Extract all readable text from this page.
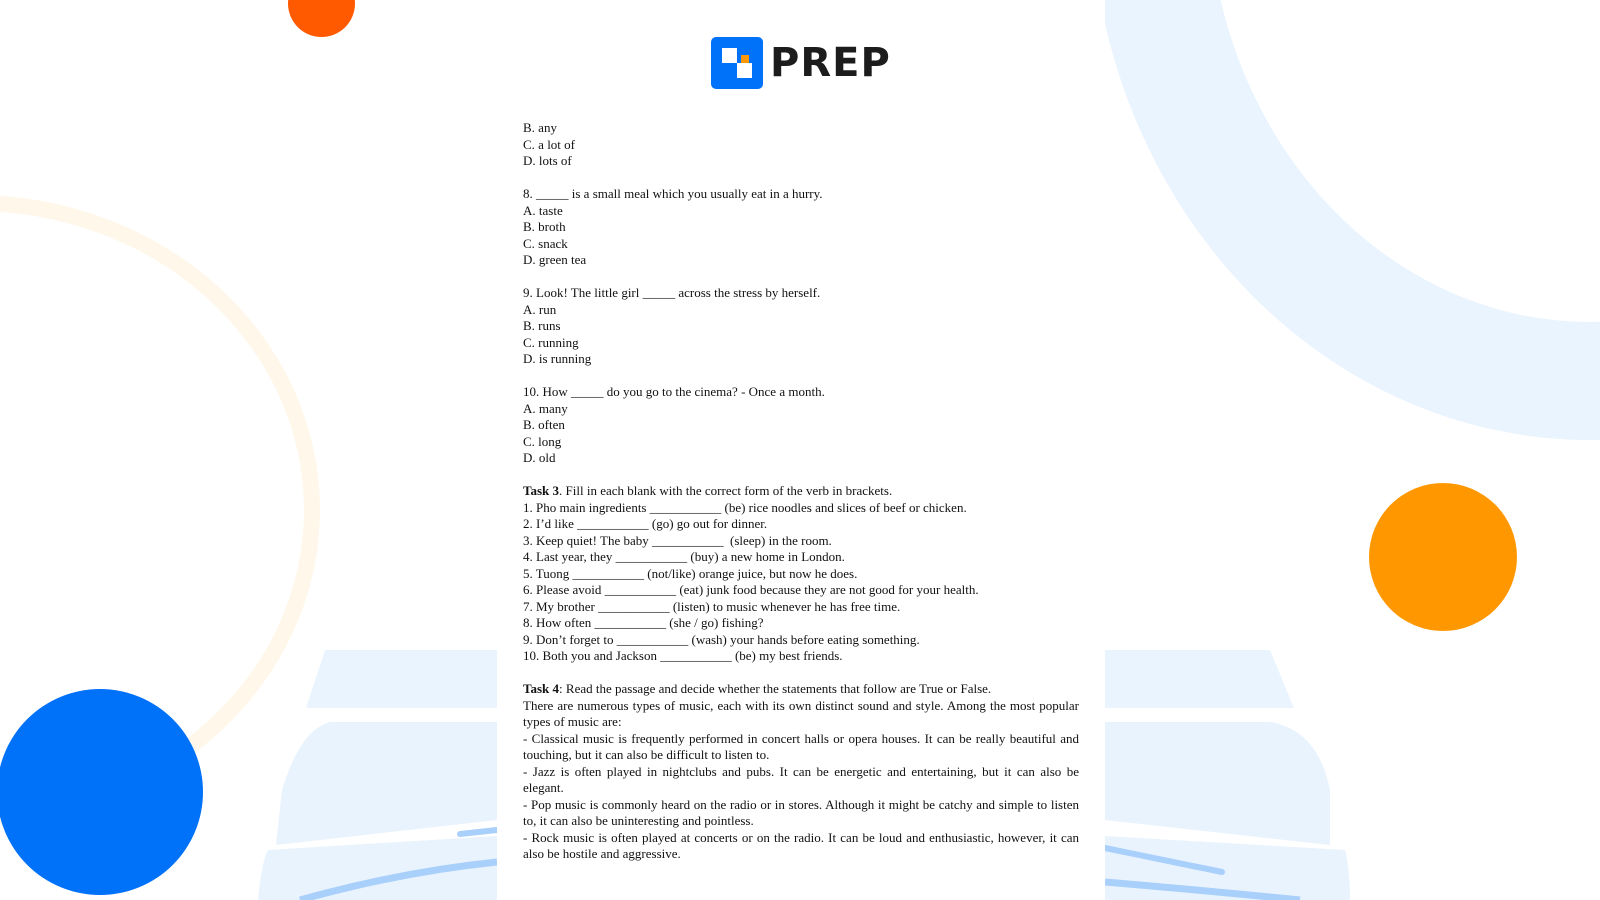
PREP
B. any
C. a lot of
D. lots of
8. _____ is a small meal which you usually eat in a hurry.
A. taste
B. broth
C. snack
D. green tea
9. Look! The little girl _____ across the stress by herself.
A. run
B. runs
C. running
D. is running
10. How _____ do you go to the cinema? - Once a month.
A. many
B. often
C. long
D. old
Task 3. Fill in each blank with the correct form of the verb in brackets.
1. Pho main ingredients ___________ (be) rice noodles and slices of beef or chicken.
2. I’d like ___________ (go) go out for dinner.
3. Keep quiet! The baby ___________  (sleep) in the room.
4. Last year, they ___________ (buy) a new home in London.
5. Tuong ___________ (not/like) orange juice, but now he does.
6. Please avoid ___________ (eat) junk food because they are not good for your health.
7. My brother ___________ (listen) to music whenever he has free time.
8. How often ___________ (she / go) fishing?
9. Don’t forget to ___________ (wash) your hands before eating something.
10. Both you and Jackson ___________ (be) my best friends.
Task 4: Read the passage and decide whether the statements that follow are True or False.
There are numerous types of music, each with its own distinct sound and style. Among the most popular types of music are:
- Classical music is frequently performed in concert halls or opera houses. It can be really beautiful and touching, but it can also be difficult to listen to.
- Jazz is often played in nightclubs and pubs. It can be energetic and entertaining, but it can also be elegant.
- Pop music is commonly heard on the radio or in stores. Although it might be catchy and simple to listen to, it can also be uninteresting and pointless.
- Rock music is often played at concerts or on the radio. It can be loud and enthusiastic, however, it can also be hostile and aggressive.
